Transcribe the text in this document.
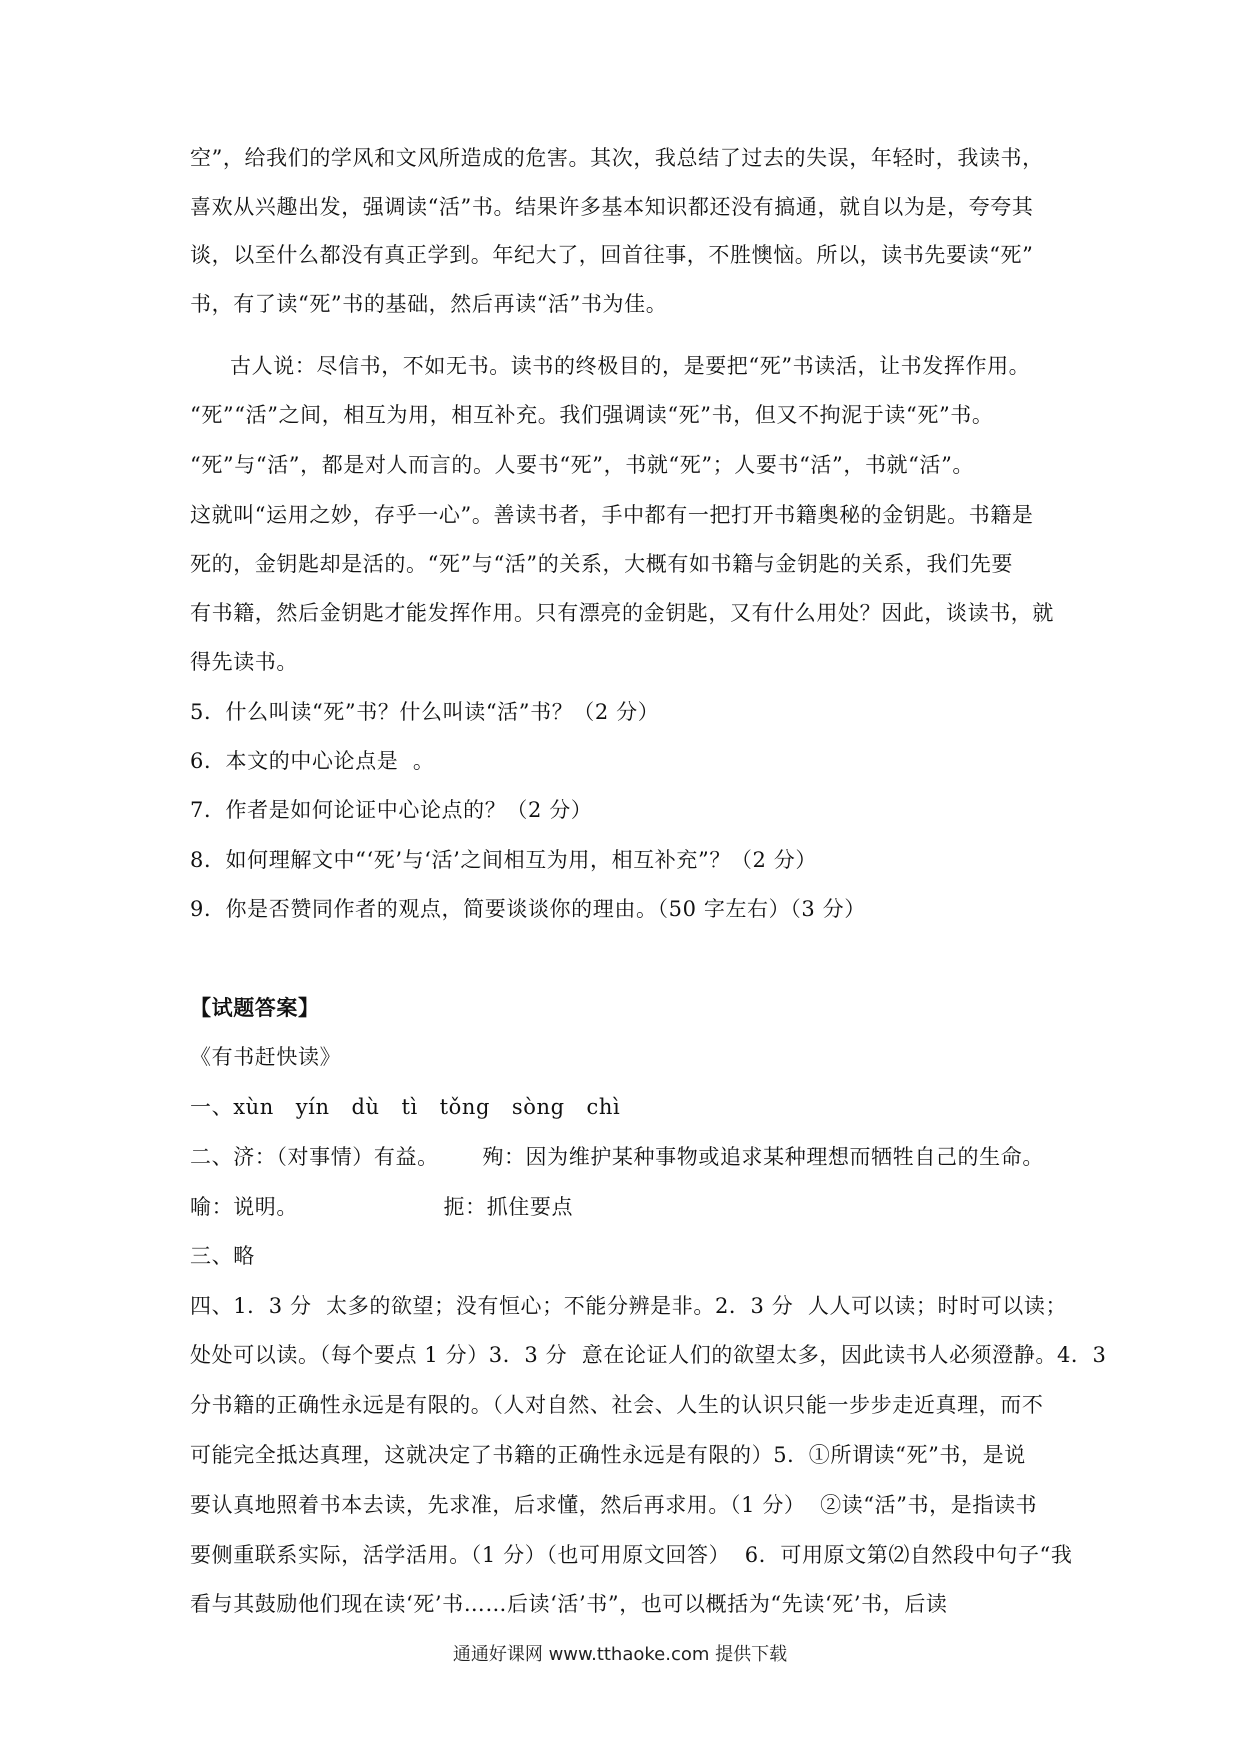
空”，给我们的学风和文风所造成的危害。其次，我总结了过去的失误，年轻时，我读书，
喜欢从兴趣出发，强调读“活”书。结果许多基本知识都还没有搞通，就自以为是，夸夸其
谈，以至什么都没有真正学到。年纪大了，回首往事，不胜懊恼。所以，读书先要读“死”
书，有了读“死”书的基础，然后再读“活”书为佳。
古人说：尽信书，不如无书。读书的终极目的，是要把“死”书读活，让书发挥作用。
“死”“活”之间，相互为用，相互补充。我们强调读“死”书，但又不拘泥于读“死”书。
“死”与“活”，都是对人而言的。人要书“死”，书就“死”；人要书“活”，书就“活”。
这就叫“运用之妙，存乎一心”。善读书者，手中都有一把打开书籍奥秘的金钥匙。书籍是
死的，金钥匙却是活的。“死”与“活”的关系，大概有如书籍与金钥匙的关系，我们先要
有书籍，然后金钥匙才能发挥作用。只有漂亮的金钥匙，又有什么用处？因此，谈读书，就
得先读书。
5．什么叫读“死”书？什么叫读“活”书？（2 分）
6．本文的中心论点是  。
7．作者是如何论证中心论点的？（2 分）
8．如何理解文中“‘死’与‘活’之间相互为用，相互补充”？（2 分）
9．你是否赞同作者的观点，简要谈谈你的理由。（50 字左右）（3 分）
【试题答案】
《有书赶快读》
一、xùn   yín   dù   tì   tǒng   sòng   chì
二、济：（对事情）有益。      殉：因为维护某种事物或追求某种理想而牺牲自己的生命。
喻：说明。                    扼：抓住要点
三、略
四、1．3 分  太多的欲望；没有恒心；不能分辨是非。2．3 分  人人可以读；时时可以读；
处处可以读。（每个要点 1 分）3．3 分  意在论证人们的欲望太多，因此读书人必须澄静。4．3
分书籍的正确性永远是有限的。（人对自然、社会、人生的认识只能一步步走近真理，而不
可能完全抵达真理，这就决定了书籍的正确性永远是有限的）5．①所谓读“死”书，是说
要认真地照着书本去读，先求准，后求懂，然后再求用。（1 分）  ②读“活”书，是指读书
要侧重联系实际，活学活用。（1 分）（也可用原文回答）  6．可用原文第⑵自然段中句子“我
看与其鼓励他们现在读‘死’书……后读‘活’书”，也可以概括为“先读‘死’书，后读
通通好课网 www.tthaoke.com 提供下载
